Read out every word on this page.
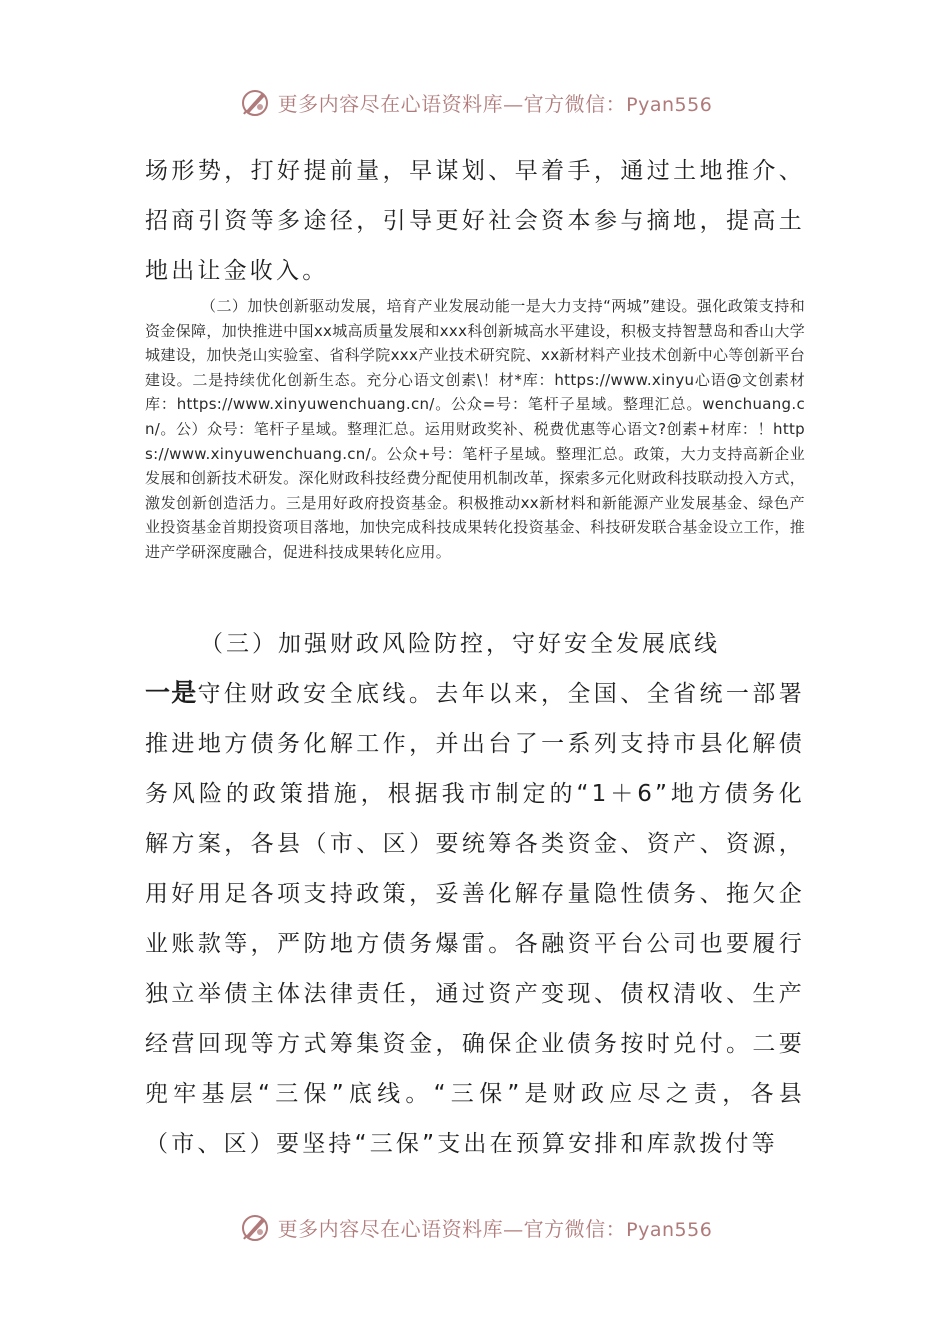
更多内容尽在心语资料库—官方微信：Pyan556

场形势，打好提前量，早谋划、早着手，通过土地推介、招商引资等多途径，引导更好社会资本参与摘地，提高土地出让金收入。

（二）加快创新驱动发展，培育产业发展动能一是大力支持“两城”建设。强化政策支持和资金保障，加快推进中国xx城高质量发展和xxx科创新城高水平建设，积极支持智慧岛和香山大学城建设，加快尧山实验室、省科学院xxx产业技术研究院、xx新材料产业技术创新中心等创新平台建设。二是持续优化创新生态。充分心语文创素\！材*库：https://www.xinyu心语@文创素材库：https://www.xinyuwenchuang.cn/。公众=号：笔杆子星域。整理汇总。wenchuang.cn/。公）众号：笔杆子星域。整理汇总。运用财政奖补、税费优惠等心语文?创素+材库：！https://www.xinyuwenchuang.cn/。公众+号：笔杆子星域。整理汇总。政策，大力支持高新企业发展和创新技术研发。深化财政科技经费分配使用机制改革，探索多元化财政科技联动投入方式，激发创新创造活力。三是用好政府投资基金。积极推动xx新材料和新能源产业发展基金、绿色产业投资基金首期投资项目落地，加快完成科技成果转化投资基金、科技研发联合基金设立工作，推进产学研深度融合，促进科技成果转化应用。

（三）加强财政风险防控，守好安全发展底线

一是守住财政安全底线。去年以来，全国、全省统一部署推进地方债务化解工作，并出台了一系列支持市县化解债务风险的政策措施，根据我市制定的“1＋6”地方债务化解方案，各县（市、区）要统筹各类资金、资产、资源，用好用足各项支持政策，妥善化解存量隐性债务、拖欠企业账款等，严防地方债务爆雷。各融资平台公司也要履行独立举债主体法律责任，通过资产变现、债权清收、生产经营回现等方式筹集资金，确保企业债务按时兑付。二要兜牢基层“三保”底线。“三保”是财政应尽之责，各县（市、区）要坚持“三保”支出在预算安排和库款拨付等

更多内容尽在心语资料库—官方微信：Pyan556
